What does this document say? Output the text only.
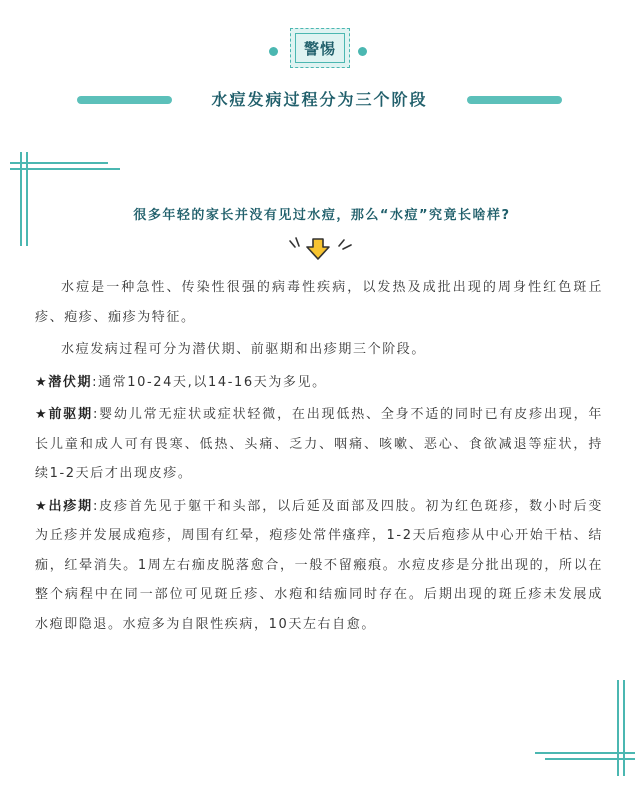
警惕
水痘发病过程分为三个阶段
很多年轻的家长并没有见过水痘，那么“水痘”究竟长啥样?

水痘是一种急性、传染性很强的病毒性疾病，以发热及成批出现的周身性红色斑丘疹、疱疹、痂疹为特征。

水痘发病过程可分为潜伏期、前驱期和出疹期三个阶段。

★潜伏期:通常10-24天,以14-16天为多见。

★前驱期:婴幼儿常无症状或症状轻微，在出现低热、全身不适的同时已有皮疹出现，年长儿童和成人可有畏寒、低热、头痛、乏力、咽痛、咳嗽、恶心、食欲减退等症状，持续1-2天后才出现皮疹。

★出疹期:皮疹首先见于躯干和头部，以后延及面部及四肢。初为红色斑疹，数小时后变为丘疹并发展成疱疹，周围有红晕，疱疹处常伴瘙痒，1-2天后疱疹从中心开始干枯、结痂，红晕消失。1周左右痂皮脱落愈合，一般不留瘢痕。水痘皮疹是分批出现的，所以在整个病程中在同一部位可见斑丘疹、水疱和结痂同时存在。后期出现的斑丘疹未发展成水疱即隐退。水痘多为自限性疾病，10天左右自愈。
